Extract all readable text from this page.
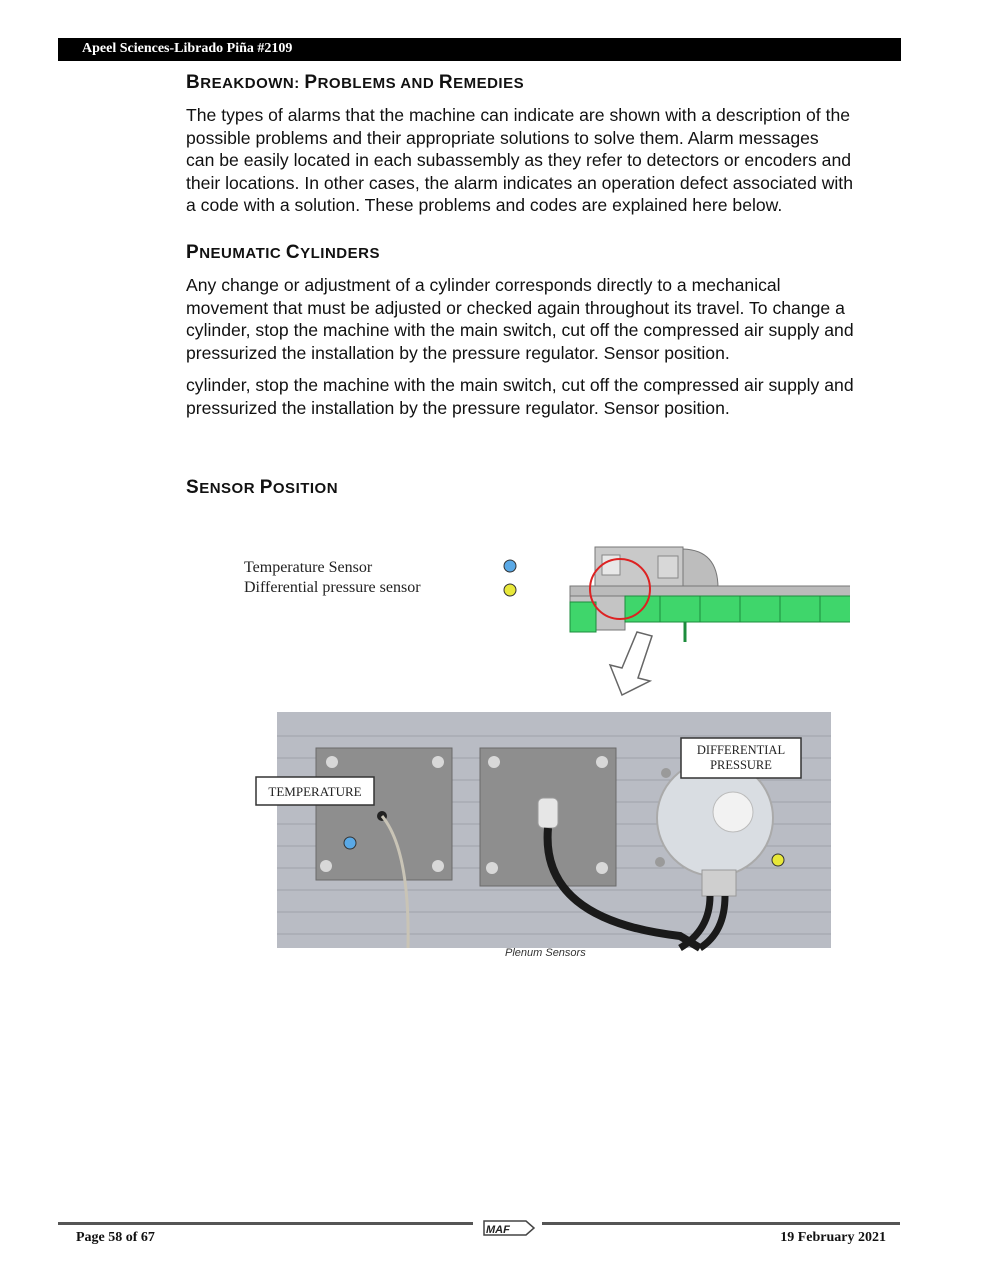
Apeel Sciences-Librado Piña #2109
BREAKDOWN: PROBLEMS AND REMEDIES
The types of alarms that the machine can indicate are shown with a description of the
possible problems and their appropriate solutions to solve them. Alarm messages
can be easily located in each subassembly as they refer to detectors or encoders and
their locations. In other cases, the alarm indicates an operation defect associated with
a code with a solution. These problems and codes are explained here below.
PNEUMATIC CYLINDERS
Any change or adjustment of a cylinder corresponds directly to a mechanical
movement that must be adjusted or checked again throughout its travel. To change a
cylinder, stop the machine with the main switch, cut off the compressed air supply and
pressurized the installation by the pressure regulator. Sensor position.
cylinder, stop the machine with the main switch, cut off the compressed air supply and
pressurized the installation by the pressure regulator. Sensor position.
SENSOR POSITION
Temperature Sensor
Differential pressure sensor
TEMPERATURE
DIFFERENTIAL
PRESSURE
Plenum Sensors
MAF
Page 58 of 67	19 February 2021
